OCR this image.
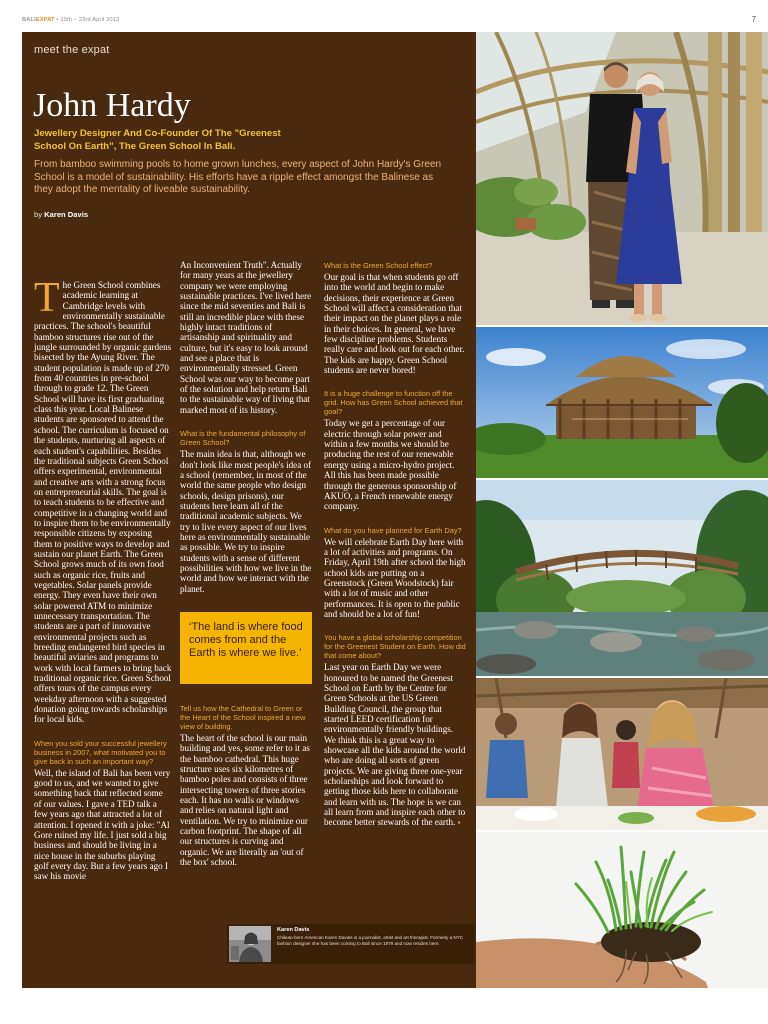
BALIEXPAT • 10th – 23rd April 2013	7
meet the expat
John Hardy
Jewellery Designer And Co-Founder Of The "Greenest School On Earth", The Green School In Bali.
From bamboo swimming pools to home grown lunches, every aspect of John Hardy's Green School is a model of sustainability. His efforts have a ripple effect amongst the Balinese as they adopt the mentality of liveable sustainability.
by Karen Davis

The Green School combines academic learning at Cambridge levels with environmentally sustainable practices. The school's beautiful bamboo structures rise out of the jungle surrounded by organic gardens bisected by the Ayung River. The student population is made up of 270 from 40 countries in pre-school through to grade 12. The Green School will have its first graduating class this year. Local Balinese students are sponsored to attend the school. The curriculum is focused on the students, nurturing all aspects of each student's capabilities. Besides the traditional subjects Green School offers experimental, environmental and creative arts with a strong focus on entrepreneurial skills. The goal is to teach students to be effective and competitive in a changing world and to inspire them to be environmentally responsible citizens by exposing them to positive ways to develop and sustain our planet Earth. The Green School grows much of its own food such as organic rice, fruits and vegetables. Solar panels provide energy. They even have their own solar powered ATM to minimize unnecessary transportation. The students are a part of innovative environmental projects such as breeding endangered bird species in beautiful aviaries and programs to work with local farmers to bring back traditional organic rice. Green School offers tours of the campus every weekday afternoon with a suggested donation going towards scholarships for local kids.

When you sold your successful jewellery business in 2007, what motivated you to give back in such an important way?

Well, the island of Bali has been very good to us, and we wanted to give something back that reflected some of our values. I gave a TED talk a few years ago that attracted a lot of attention. I opened it with a joke: "Al Gore ruined my life. I just sold a big business and should be living in a nice house in the suburbs playing golf every day. But a few years ago I saw his movie

An Inconvenient Truth". Actually for many years at the jewellery company we were employing sustainable practices. I've lived here since the mid seventies and Bali is still an incredible place with these highly intact traditions of artisanship and spirituality and culture, but it's easy to look around and see a place that is environmentally stressed. Green School was our way to become part of the solution and help return Bali to the sustainable way of living that marked most of its history.

What is the fundamental philosophy of Green School?

The main idea is that, although we don't look like most people's idea of a school (remember, in most of the world the same people who design schools, design prisons), our students here learn all of the traditional academic subjects. We try to live every aspect of our lives here as environmentally sustainable as possible. We try to inspire students with a sense of different possibilities with how we live in the world and how we interact with the planet.

‘The land is where food comes from and the Earth is where we live.’
Tell us how the Cathedral to Green or the Heart of the School inspired a new view of building.

The heart of the school is our main building and yes, some refer to it as the bamboo cathedral. This huge structure uses six kilometres of bamboo poles and consists of three intersecting towers of three stories each. It has no walls or windows and relies on natural light and ventilation. We try to minimize our carbon footprint. The shape of all our structures is curving and organic. We are literally an 'out of the box' school.

What is the Green School effect?

Our goal is that when students go off into the world and begin to make decisions, their experience at Green School will affect a consideration that their impact on the planet plays a role in their choices. In general, we have few discipline problems. Students really care and look out for each other. The kids are happy. Green School students are never bored!

It is a huge challenge to function off the grid. How has Green School achieved that goal?

Today we get a percentage of our electric through solar power and within a few months we should be producing the rest of our renewable energy using a micro-hydro project. All this has been made possible through the generous sponsorship of AKUO, a French renewable energy company.

What do you have planned for Earth Day?

We will celebrate Earth Day here with a lot of activities and programs. On Friday, April 19th after school the high school kids are putting on a Greenstock (Green Woodstock) fair with a lot of music and other performances. It is open to the public and should be a lot of fun!

You have a global scholarship competition for the Greenest Student on Earth. How did that come about?

Last year on Earth Day we were honoured to be named the Greenest School on Earth by the Centre for Green Schools at the US Green Building Council, the group that started LEED certification for environmentally friendly buildings. We think this is a great way to showcase all the kids around the world who are doing all sorts of green projects. We are giving three one-year scholarships and look forward to getting those kids here to collaborate and learn with us. The hope is we can all learn from and inspire each other to become better stewards of the earth. ▪

Karen Davis
Chilean-born American Karen Davies is a journalist, artist and art therapist. Formerly a NYC fashion designer she has been coming to Bali since 1979 and now resides here.
